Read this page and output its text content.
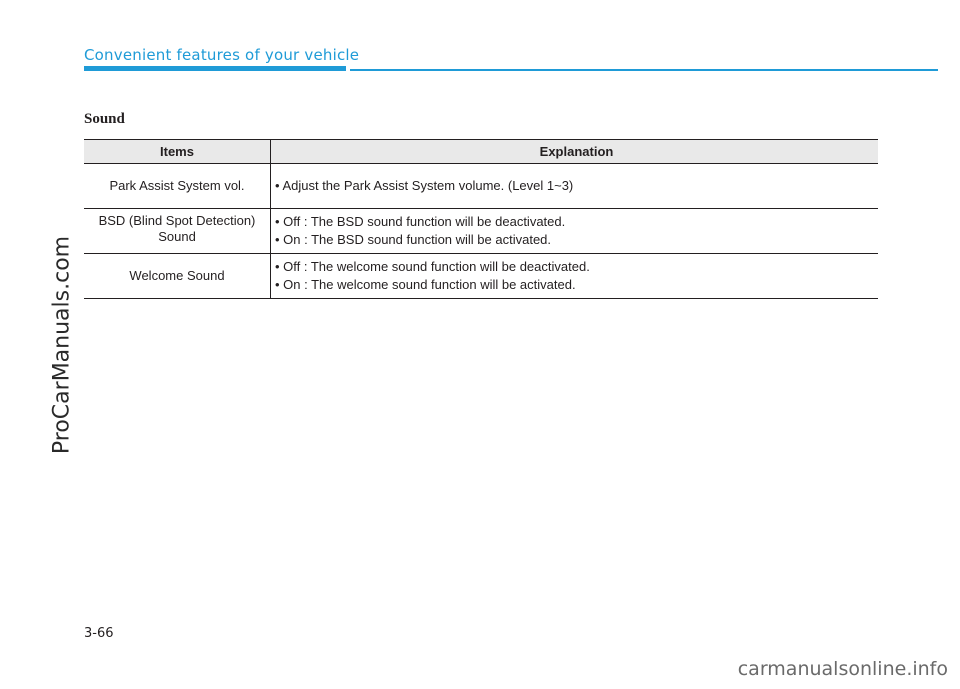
Convenient features of your vehicle
Sound
Items	Explanation
Park Assist System vol.	• Adjust the Park Assist System volume. (Level 1~3)
BSD (Blind Spot Detection) Sound
• Off : The BSD sound function will be deactivated.
• On : The BSD sound function will be activated.
Welcome Sound
• Off : The welcome sound function will be deactivated.
• On : The welcome sound function will be activated.
3-66
ProCarManuals.com
carmanualsonline.info
